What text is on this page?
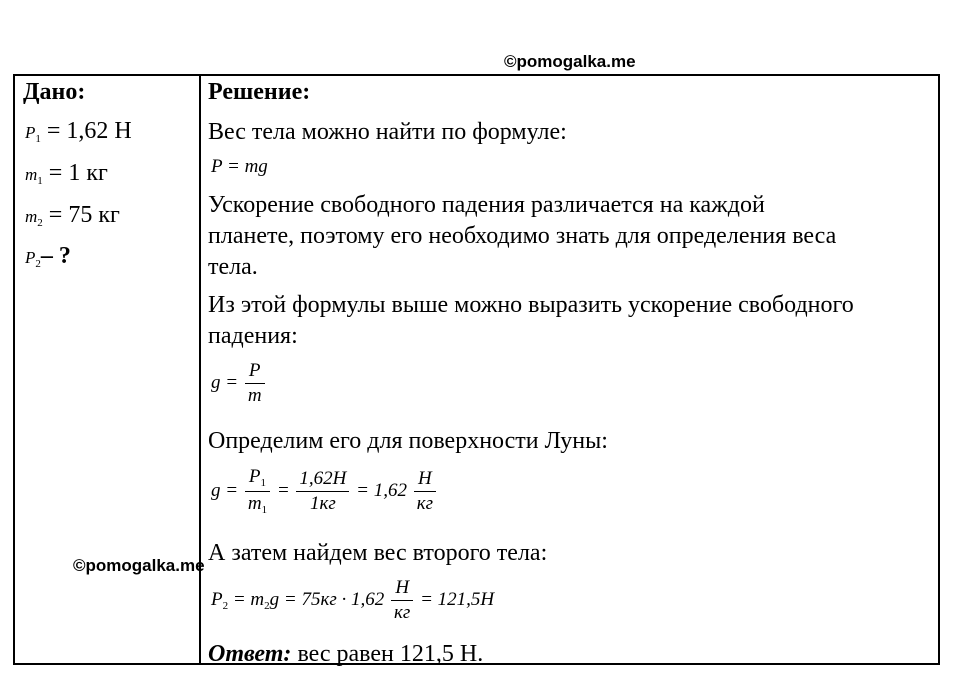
©pomogalka.me
Дано:
P1 = 1,62 Н
m1 = 1 кг
m2 = 75 кг
P2– ?
Решение:
Вес тела можно найти по формуле:
P = mg
Ускорение свободного падения различается на каждой
планете, поэтому его необходимо знать для определения веса
тела.
Из этой формулы выше можно выразить ускорение свободного
падения:
$g = \frac{P}{m}$
Определим его для поверхности Луны:
$g = \frac{P_1}{m_1} = \frac{1,62H}{1кг} = 1,62 \frac{H}{кг}$
А затем найдем вес второго тела:
$P_2 = m_2g = 75кг \cdot 1,62 \frac{H}{кг} = 121,5H$
Ответ: вес равен 121,5 Н.
©pomogalka.me
